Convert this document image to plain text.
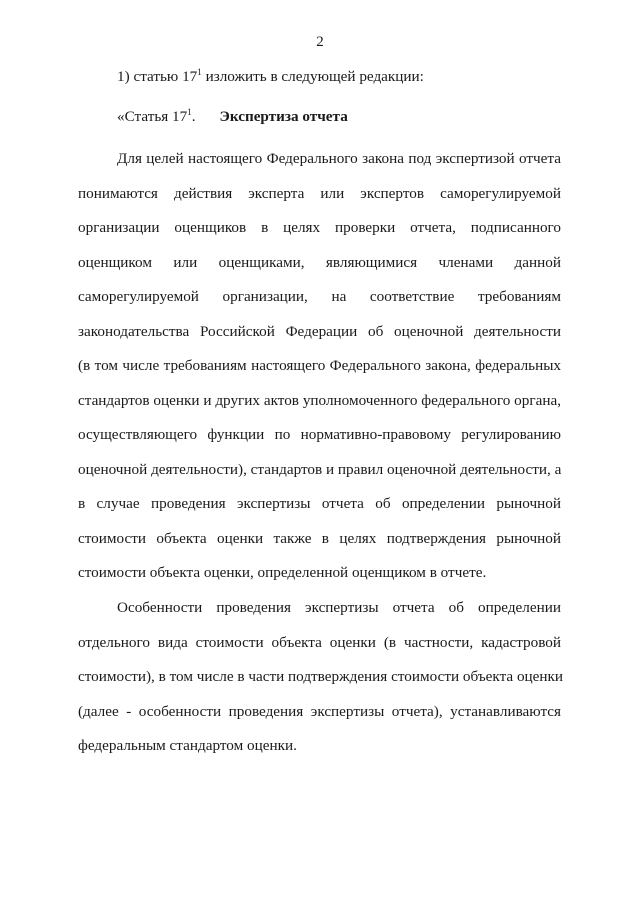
2
1) статью $17^1$ изложить в следующей редакции:
«Статья $17^1$. Экспертиза отчета
Для целей настоящего Федерального закона под экспертизой отчета
понимаются действия эксперта или экспертов саморегулируемой
организации оценщиков в целях проверки отчета, подписанного
оценщиком или оценщиками, являющимися членами данной
саморегулируемой организации, на соответствие требованиям
законодательства Российской Федерации об оценочной деятельности
(в том числе требованиям настоящего Федерального закона, федеральных
стандартов оценки и других актов уполномоченного федерального органа,
осуществляющего функции по нормативно-правовому регулированию
оценочной деятельности), стандартов и правил оценочной деятельности, а
в случае проведения экспертизы отчета об определении рыночной
стоимости объекта оценки также в целях подтверждения рыночной
стоимости объекта оценки, определенной оценщиком в отчете.
Особенности проведения экспертизы отчета об определении
отдельного вида стоимости объекта оценки (в частности, кадастровой
стоимости), в том числе в части подтверждения стоимости объекта оценки
(далее - особенности проведения экспертизы отчета), устанавливаются
федеральным стандартом оценки.
